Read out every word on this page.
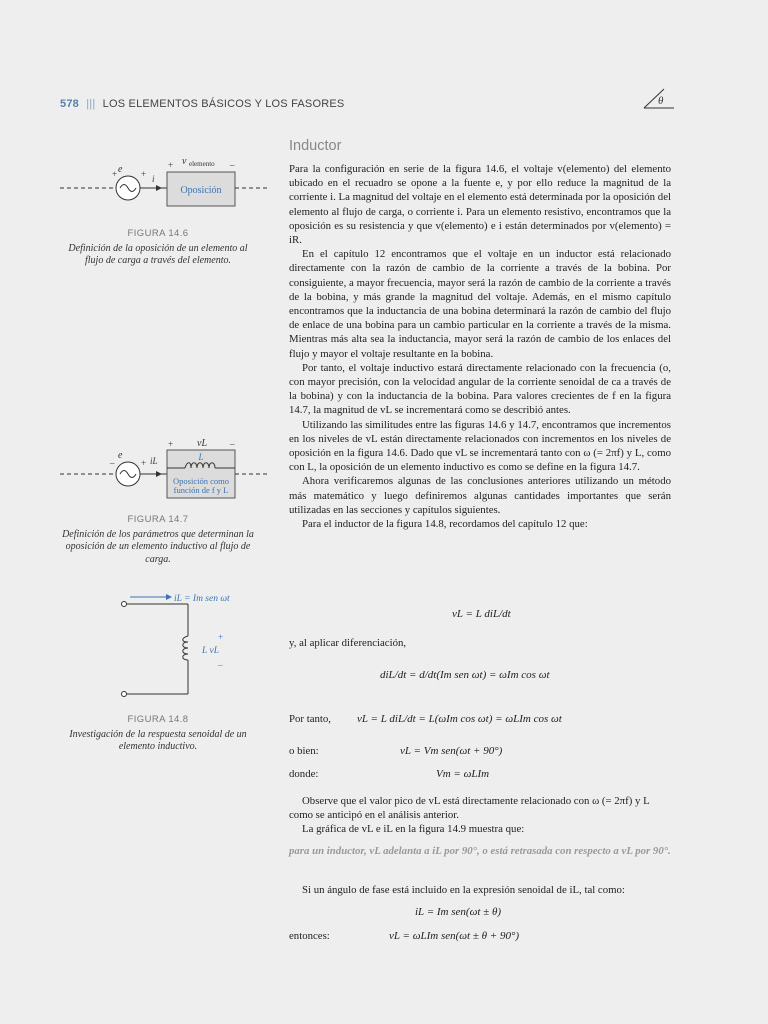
578 ||| LOS ELEMENTOS BÁSICOS Y LOS FASORES	θ
Inductor
Oposición
+ e + i
+ v elemento –
FIGURA 14.6
Definición de la oposición de un elemento al flujo de carga a través del elemento.
L
Oposición como
función de f y L
–
e
+ iL
+ vL	–
FIGURA 14.7
Definición de los parámetros que determinan la oposición de un elemento inductivo al flujo de carga.
iL = Im sen ωt
+
L vL
–
FIGURA 14.8
Investigación de la respuesta senoidal de un elemento inductivo.

Para la configuración en serie de la figura 14.6, el voltaje v(elemento) del elemento ubicado en el recuadro se opone a la fuente e, y por ello reduce la magnitud de la corriente i. La magnitud del voltaje en el elemento está determinada por la oposición del elemento al flujo de carga, o corriente i. Para un elemento resistivo, encontramos que la oposición es su resistencia y que v(elemento) e i están determinados por v(elemento) = iR.

En el capítulo 12 encontramos que el voltaje en un inductor está relacionado directamente con la razón de cambio de la corriente a través de la bobina. Por consiguiente, a mayor frecuencia, mayor será la razón de cambio de la corriente a través de la bobina, y más grande la magnitud del voltaje. Además, en el mismo capítulo encontramos que la inductancia de una bobina determinará la razón de cambio del flujo de enlace de una bobina para un cambio particular en la corriente a través de la misma. Mientras más alta sea la inductancia, mayor será la razón de cambio de los enlaces del flujo y mayor el voltaje resultante en la bobina.

Por tanto, el voltaje inductivo estará directamente relacionado con la frecuencia (o, con mayor precisión, con la velocidad angular de la corriente senoidal de ca a través de la bobina) y con la inductancia de la bobina. Para valores crecientes de f en la figura 14.7, la magnitud de vL se incrementará como se describió antes.

Utilizando las similitudes entre las figuras 14.6 y 14.7, encontramos que incrementos en los niveles de vL están directamente relacionados con incrementos en los niveles de oposición en la figura 14.6. Dado que vL se incrementará tanto con ω (= 2πf) y L, como con L, la oposición de un elemento inductivo es como se define en la figura 14.7.

Ahora verificaremos algunas de las conclusiones anteriores utilizando un método más matemático y luego definiremos algunas cantidades importantes que serán utilizadas en las secciones y capítulos siguientes.

Para el inductor de la figura 14.8, recordamos del capítulo 12 que:

vL = L diL/dt
y, al aplicar diferenciación,
diL/dt = d/dt(Im sen ωt) = ωIm cos ωt
Por tanto, vL = L diL/dt = L(ωIm cos ωt) = ωLIm cos ωt
o bien:	vL = Vm sen(ωt + 90°)
donde:	Vm = ωLIm
Observe que el valor pico de vL está directamente relacionado con ω (= 2πf) y L como se anticipó en el análisis anterior.
La gráfica de vL e iL en la figura 14.9 muestra que:
para un inductor, vL adelanta a iL por 90°, o está retrasada con respecto a vL por 90°.
Si un ángulo de fase está incluido en la expresión senoidal de iL, tal como:
iL = Im sen(ωt ± θ)
entonces:	vL = ωLIm sen(ωt ± θ + 90°)
